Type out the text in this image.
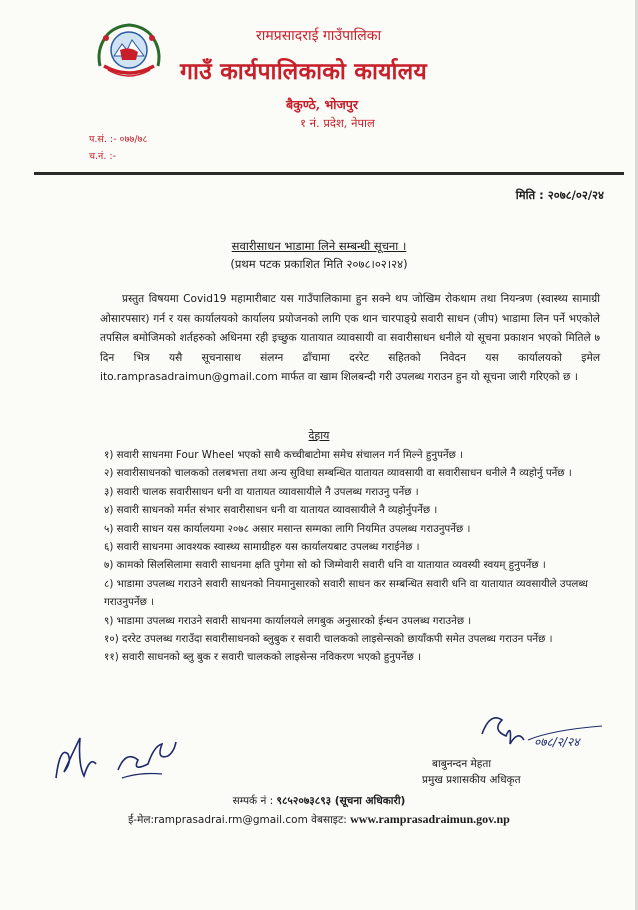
रामप्रसादराई गाउँपालिका
गाउँ कार्यपालिकाको कार्यालय
बैकुण्ठे, भोजपुर
१ नं. प्रदेश, नेपाल
प.सं. :- ०७७/७८
च.नं. :-
मिति : २०७८/०२/२४
सवारीसाधन भाडामा लिने सम्बन्धी सूचना ।
(प्रथम पटक प्रकाशित मिति २०७८।०२।२४)
प्रस्तुत विषयमा Covid19 महामारीबाट यस गाउँपालिकामा हुन सक्ने थप जोखिम रोकथाम तथा नियन्त्रण (स्वास्थ्य सामाग्री ओसारपसार) गर्न र यस कार्यालयको कार्यालय प्रयोजनको लागि एक थान चारपाङ्ग्रे सवारी साधन (जीप) भाडामा लिन पर्ने भएकोले तपसिल बमोजिमको शर्तहरुको अधिनमा रही इच्छुक यातायात व्यावसायी वा सवारीसाधन धनीले यो सूचना प्रकाशन भएको मितिले ७ दिन भित्र यसै सूचनासाथ संलग्न ढाँचामा दररेट सहितको निवेदन यस कार्यालयको इमेल ito.ramprasadraimun@gmail.com मार्फत वा खाम शिलबन्दी गरी उपलब्ध गराउन हुन यो सूचना जारी गरिएको छ ।
देहाय
१) सवारी साधनमा Four Wheel भएको साथै कच्चीबाटोमा समेच संचालन गर्न मिल्ने हुनुपर्नेछ ।
२) सवारीसाधनको चालकको तलबभत्ता तथा अन्य सुविधा सम्बन्धित यातायत व्यावसायी वा सवारीसाधन धनीले नै व्यहोर्नु पर्नेछ ।
३) सवारी चालक सवारीसाधन धनी वा यातायत व्यावसायीले नै उपलब्ध गराउनु पर्नेछ ।
४) सवारी साधनको मर्मत संभार सवारीसाधन धनी वा यातायत व्यावसायीले नै व्यहोर्नुपर्नेछ ।
५) सवारी साधन यस कार्यालयमा २०७८ असार मसान्त सम्मका लागि नियमित उपलब्ध गराउनुपर्नेछ ।
६) सवारी साधनमा आवश्यक स्वास्थ्य सामाग्रीहरु यस कार्यालयबाट उपलब्ध गराईनेछ ।
७) कामको सिलसिलामा सवारी साधनमा क्षति पुगेमा सो को जिम्मेवारी सवारी धनि वा यातायात व्यवस्यी स्वयम् हुनुपर्नेछ ।
८) भाडामा उपलब्ध गराउने सवारी साधनको नियमानुसारको सवारी साधन कर सम्बन्धित सवारी धनि वा यातायात व्यवसायीले उपलब्ध गराउनुपर्नेछ ।
९) भाडामा उपलब्ध गराउने सवारी साधनमा कार्यालयले लगबुक अनुसारको ईन्धन उपलब्ध गराउनेछ ।
१०) दररेट उपलब्ध गराउँदा सवारीसाधनको ब्लुबुक र सवारी चालकको लाइसेन्सको छायाँकपी समेत उपलब्ध गराउन पर्नेछ ।
११) सवारी साधनको ब्लु बुक र सवारी चालकको लाइसेन्स नविकरण भएको हुनुपर्नेछ ।
०७८/२/२४
बाबुनन्दन मेहता
प्रमुख प्रशासकीय अधिकृत
सम्पर्क नं : ९८५२०७३८९३ (सूचना अधिकारी)
ई-मेल:ramprasadrai.rm@gmail.com वेबसाइट: www.ramprasadraimun.gov.np
